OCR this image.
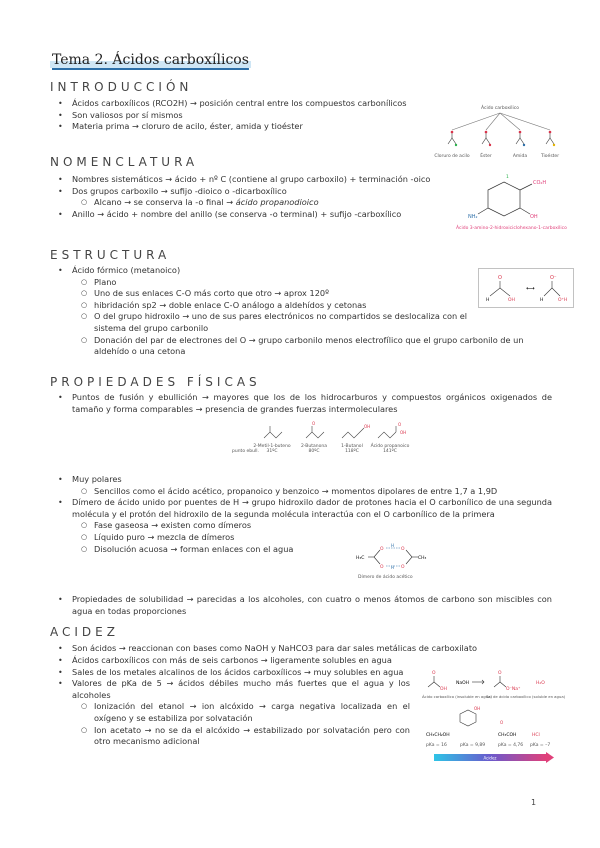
Tema 2. Ácidos carboxílicos
INTRODUCCIÓN
• Ácidos carboxílicos (RCO2H) → posición central entre los compuestos carbonílicos
• Son valiosos por sí mismos
• Materia prima → cloruro de acilo, éster, amida y tioéster
Ácido carboxílico
Cloruro de acilo Éster	Amida	Tioéster
NOMENCLATURA
• Nombres sistemáticos → ácido + nº C (contiene al grupo carboxilo) + terminación -oico
• Dos grupos carboxilo → sufijo -dioico o -dicarboxílico
○ Alcano → se conserva la -o final → ácido propanodioico
• Anillo → ácido + nombre del anillo (se conserva -o terminal) + sufijo -carboxílico
CO₂H
OH
NH₂
1
Ácido 3-amino-2-hidroxiciclohexano-1-carboxílico
ESTRUCTURA
• Ácido fórmico (metanoico)
○ Plano
○ Uno de sus enlaces C-O más corto que otro → aprox 120º
○ hibridación sp2 → doble enlace C-O análogo a aldehídos y cetonas
○ O del grupo hidroxilo → uno de sus pares electrónicos no compartidos se deslocaliza con el sistema del grupo carbonilo
○ Donación del par de electrones del O → grupo carbonilo menos electrofílico que el grupo carbonilo de un aldehído o una cetona
O
H	OH
⟷
O⁻
H	O⁺H
PROPIEDADES FÍSICAS
• Puntos de fusión y ebullición → mayores que los de los hidrocarburos y compuestos orgánicos oxigenados de tamaño y forma comparables → presencia de grandes fuerzas intermoleculares
OH
O	O
OH
punto ebull.
2-Metil-1-buteno
31ºC
2-Butanona
80ºC
1-Butanol
118ºC
Ácido propanoico
141ºC
• Muy polares
○ Sencillos como el ácido acético, propanoico y benzoico → momentos dipolares de entre 1,7 a 1,9D
• Dímero de ácido unido por puentes de H → grupo hidroxilo dador de protones hacia el O carbonílico de una segunda molécula y el protón del hidroxilo de la segunda molécula interactúa con el O carbonílico de la primera
○ Fase gaseosa → existen como dímeros
○ Líquido puro → mezcla de dímeros
○ Disolución acuosa → forman enlaces con el agua
H₃C
O
O
H
H
O
O
CH₃
Dímero de ácido acético
• Propiedades de solubilidad → parecidas a los alcoholes, con cuatro o menos átomos de carbono son miscibles con agua en todas proporciones
ACIDEZ
• Son ácidos → reaccionan con bases como NaOH y NaHCO3 para dar sales metálicas de carboxilato
• Ácidos carboxílicos con más de seis carbonos → ligeramente solubles en agua
• Sales de los metales alcalinos de los ácidos carboxílicos → muy solubles en agua
• Valores de pKa de 5 → ácidos débiles mucho más fuertes que el agua y los alcoholes
○ Ionización del etanol → ion alcóxido → carga negativa localizada en el oxígeno y se estabiliza por solvatación
○ Ion acetato → no se da el alcóxido → estabilizado por solvatación pero con otro mecanismo adicional
O
OH
NaOH
O
O⁻Na⁺
H₂O
Ácido carboxílico (insoluble en agua)
Sal de ácido carboxílico (soluble en agua)
OH
CH₃CH₂OH
O
CH₃COH	HCl
pKa = 16	pKa = 9,89	pKa = 4,76 pKa = –7
Acidez
1
